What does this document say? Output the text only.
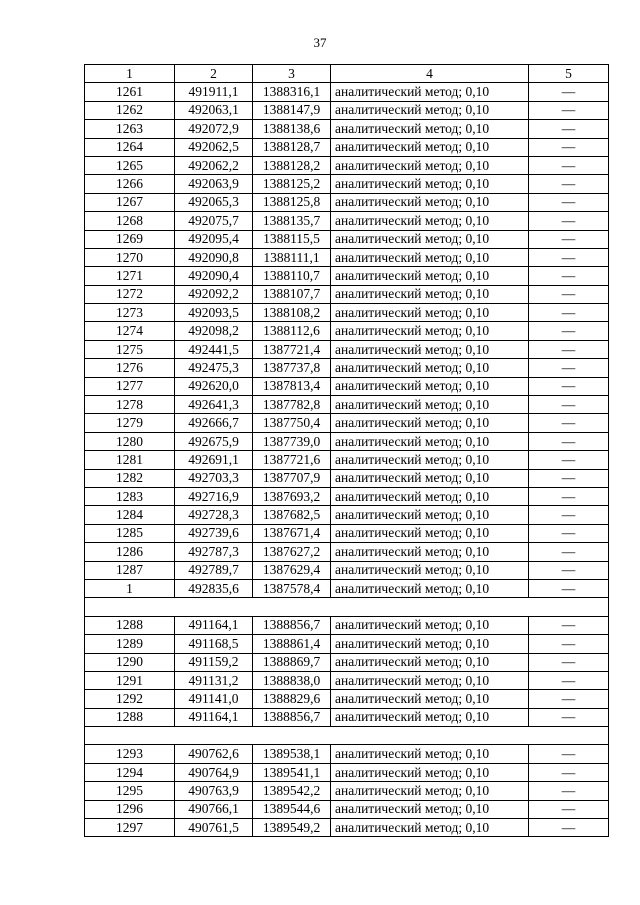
37
1	2	3	4	5
1261	491911,1	1388316,1	аналитический метод; 0,10	—
1262	492063,1	1388147,9	аналитический метод; 0,10	—
1263	492072,9	1388138,6	аналитический метод; 0,10	—
1264	492062,5	1388128,7	аналитический метод; 0,10	—
1265	492062,2	1388128,2	аналитический метод; 0,10	—
1266	492063,9	1388125,2	аналитический метод; 0,10	—
1267	492065,3	1388125,8	аналитический метод; 0,10	—
1268	492075,7	1388135,7	аналитический метод; 0,10	—
1269	492095,4	1388115,5	аналитический метод; 0,10	—
1270	492090,8	1388111,1	аналитический метод; 0,10	—
1271	492090,4	1388110,7	аналитический метод; 0,10	—
1272	492092,2	1388107,7	аналитический метод; 0,10	—
1273	492093,5	1388108,2	аналитический метод; 0,10	—
1274	492098,2	1388112,6	аналитический метод; 0,10	—
1275	492441,5	1387721,4	аналитический метод; 0,10	—
1276	492475,3	1387737,8	аналитический метод; 0,10	—
1277	492620,0	1387813,4	аналитический метод; 0,10	—
1278	492641,3	1387782,8	аналитический метод; 0,10	—
1279	492666,7	1387750,4	аналитический метод; 0,10	—
1280	492675,9	1387739,0	аналитический метод; 0,10	—
1281	492691,1	1387721,6	аналитический метод; 0,10	—
1282	492703,3	1387707,9	аналитический метод; 0,10	—
1283	492716,9	1387693,2	аналитический метод; 0,10	—
1284	492728,3	1387682,5	аналитический метод; 0,10	—
1285	492739,6	1387671,4	аналитический метод; 0,10	—
1286	492787,3	1387627,2	аналитический метод; 0,10	—
1287	492789,7	1387629,4	аналитический метод; 0,10	—
1	492835,6	1387578,4	аналитический метод; 0,10	—

1288	491164,1	1388856,7	аналитический метод; 0,10	—
1289	491168,5	1388861,4	аналитический метод; 0,10	—
1290	491159,2	1388869,7	аналитический метод; 0,10	—
1291	491131,2	1388838,0	аналитический метод; 0,10	—
1292	491141,0	1388829,6	аналитический метод; 0,10	—
1288	491164,1	1388856,7	аналитический метод; 0,10	—

1293	490762,6	1389538,1	аналитический метод; 0,10	—
1294	490764,9	1389541,1	аналитический метод; 0,10	—
1295	490763,9	1389542,2	аналитический метод; 0,10	—
1296	490766,1	1389544,6	аналитический метод; 0,10	—
1297	490761,5	1389549,2	аналитический метод; 0,10	—
